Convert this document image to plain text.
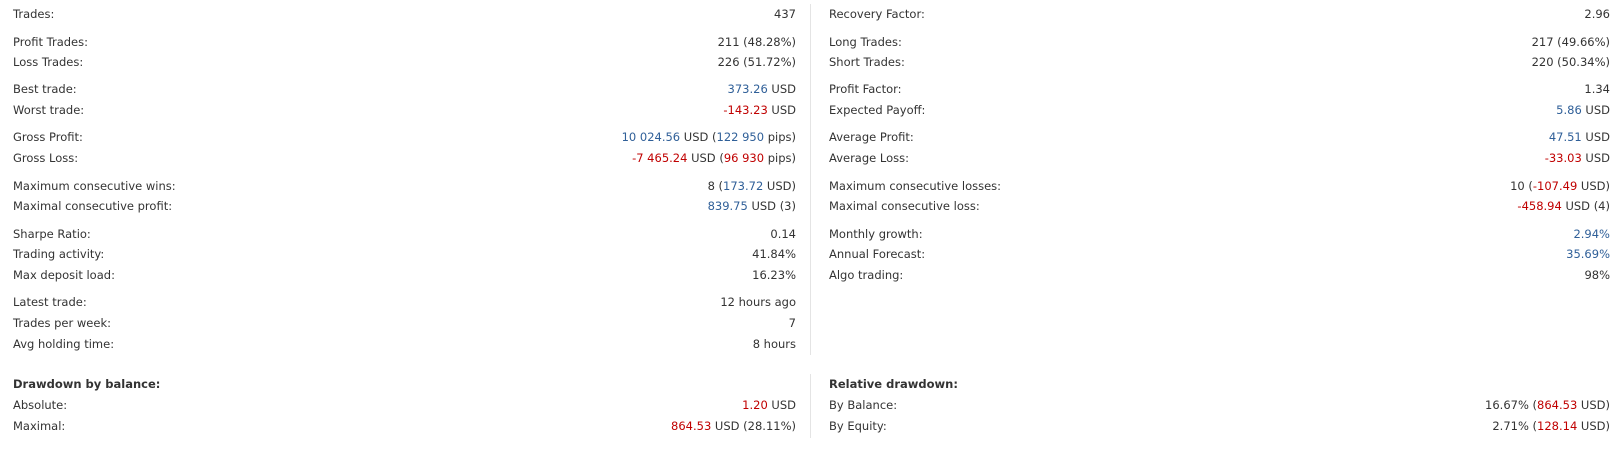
Trades:	437
Profit Trades:	211 (48.28%)
Loss Trades:	226 (51.72%)
Best trade:	373.26 USD
Worst trade:	-143.23 USD
Gross Profit:	10 024.56 USD (122 950 pips)
Gross Loss:	-7 465.24 USD (96 930 pips)
Maximum consecutive wins:	8 (173.72 USD)
Maximal consecutive profit:	839.75 USD (3)
Sharpe Ratio:	0.14
Trading activity:	41.84%
Max deposit load:	16.23%
Latest trade:	12 hours ago
Trades per week:	7
Avg holding time:	8 hours
Drawdown by balance:
Absolute:	1.20 USD
Maximal:	864.53 USD (28.11%)
Recovery Factor:	2.96
Long Trades:	217 (49.66%)
Short Trades:	220 (50.34%)
Profit Factor:	1.34
Expected Payoff:	5.86 USD
Average Profit:	47.51 USD
Average Loss:	-33.03 USD
Maximum consecutive losses:	10 (-107.49 USD)
Maximal consecutive loss:	-458.94 USD (4)
Monthly growth:	2.94%
Annual Forecast:	35.69%
Algo trading:	98%
Relative drawdown:
By Balance:	16.67% (864.53 USD)
By Equity:	2.71% (128.14 USD)
